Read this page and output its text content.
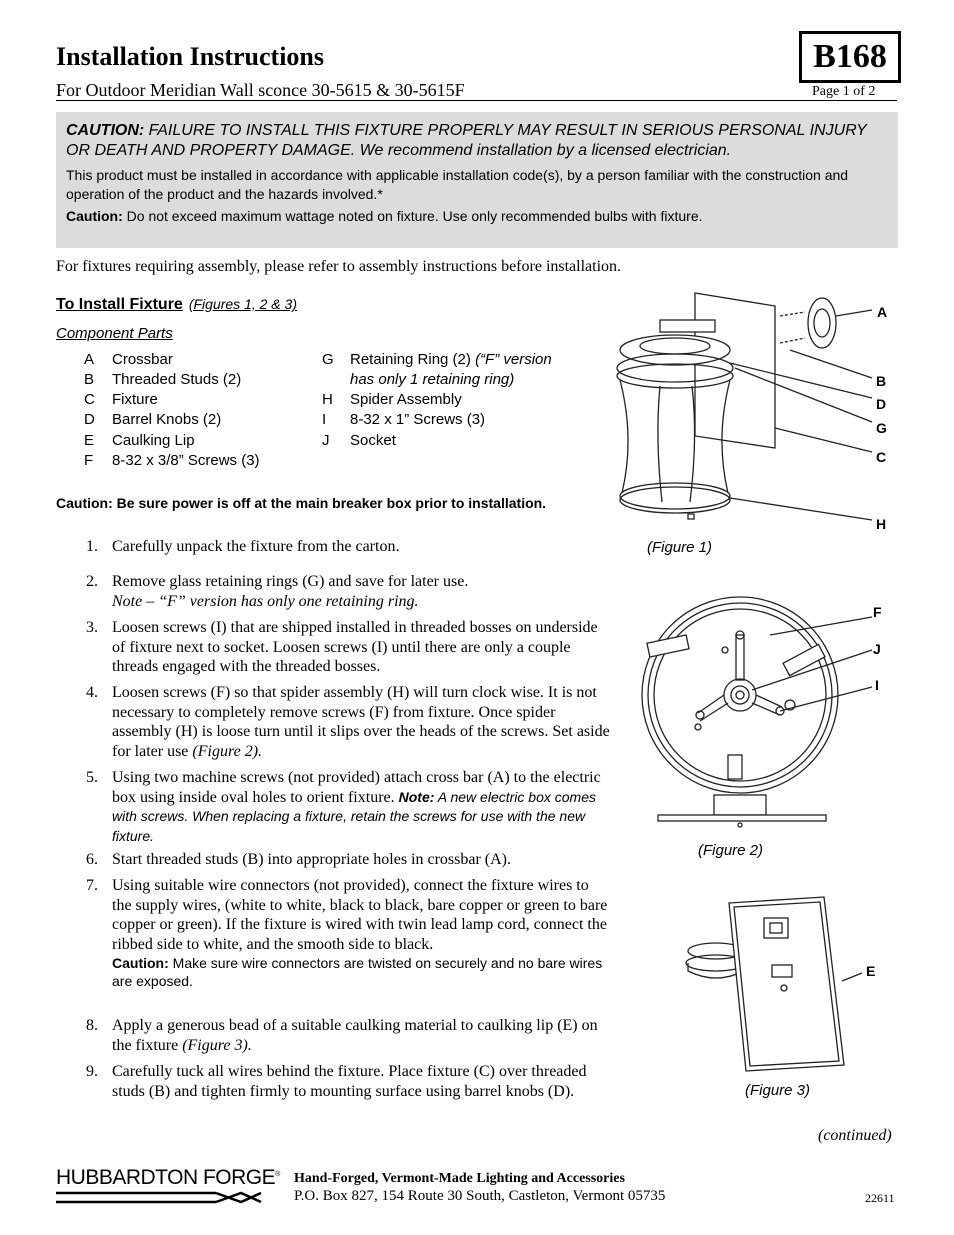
Installation Instructions	B168
For Outdoor Meridian Wall sconce 30-5615 & 30-5615F	Page 1 of 2
CAUTION: FAILURE TO INSTALL THIS FIXTURE PROPERLY MAY RESULT IN SERIOUS PERSONAL INJURY OR DEATH AND PROPERTY DAMAGE. We recommend installation by a licensed electrician.
This product must be installed in accordance with applicable installation code(s), by a person familiar with the construction and operation of the product and the hazards involved.*
Caution: Do not exceed maximum wattage noted on fixture. Use only recommended bulbs with fixture.
For fixtures requiring assembly, please refer to assembly instructions before installation.
To Install Fixture (Figures 1, 2 & 3)
Component Parts
A Crossbar
B Threaded Studs (2)
C Fixture
D Barrel Knobs (2)
E Caulking Lip
F 8-32 x 3/8” Screws (3)
G Retaining Ring (2) (“F” version
has only 1 retaining ring)
H Spider Assembly
I 8-32 x 1” Screws (3)
J Socket
Caution: Be sure power is off at the main breaker box prior to installation.
1. Carefully unpack the fixture from the carton.
2. Remove glass retaining rings (G) and save for later use.
Note – “F” version has only one retaining ring.
3. Loosen screws (I) that are shipped installed in threaded bosses on underside of fixture next to socket. Loosen screws (I) until there are only a couple threads engaged with the threaded bosses.
4. Loosen screws (F) so that spider assembly (H) will turn clock wise. It is not necessary to completely remove screws (F) from fixture. Once spider assembly (H) is loose turn until it slips over the heads of the screws. Set aside for later use (Figure 2).
5. Using two machine screws (not provided) attach cross bar (A) to the electric box using inside oval holes to orient fixture. Note: A new electric box comes with screws. When replacing a fixture, retain the screws for use with the new fixture.
6. Start threaded studs (B) into appropriate holes in crossbar (A).
7. Using suitable wire connectors (not provided), connect the fixture wires to the supply wires, (white to white, black to black, bare copper or green to bare copper or green). If the fixture is wired with twin lead lamp cord, connect the ribbed side to white, and the smooth side to black.
Caution: Make sure wire connectors are twisted on securely and no bare wires are exposed.
8. Apply a generous bead of a suitable caulking material to caulking lip (E) on the fixture (Figure 3).
9. Carefully tuck all wires behind the fixture. Place fixture (C) over threaded studs (B) and tighten firmly to mounting surface using barrel knobs (D).
A
B
D
G
C
H
(Figure 1)
F
J
I
(Figure 2)
E
(Figure 3)
(continued)
HUBBARDTON FORGE® Hand-Forged, Vermont-Made Lighting and Accessories
P.O. Box 827, 154 Route 30 South, Castleton, Vermont 05735	22611
